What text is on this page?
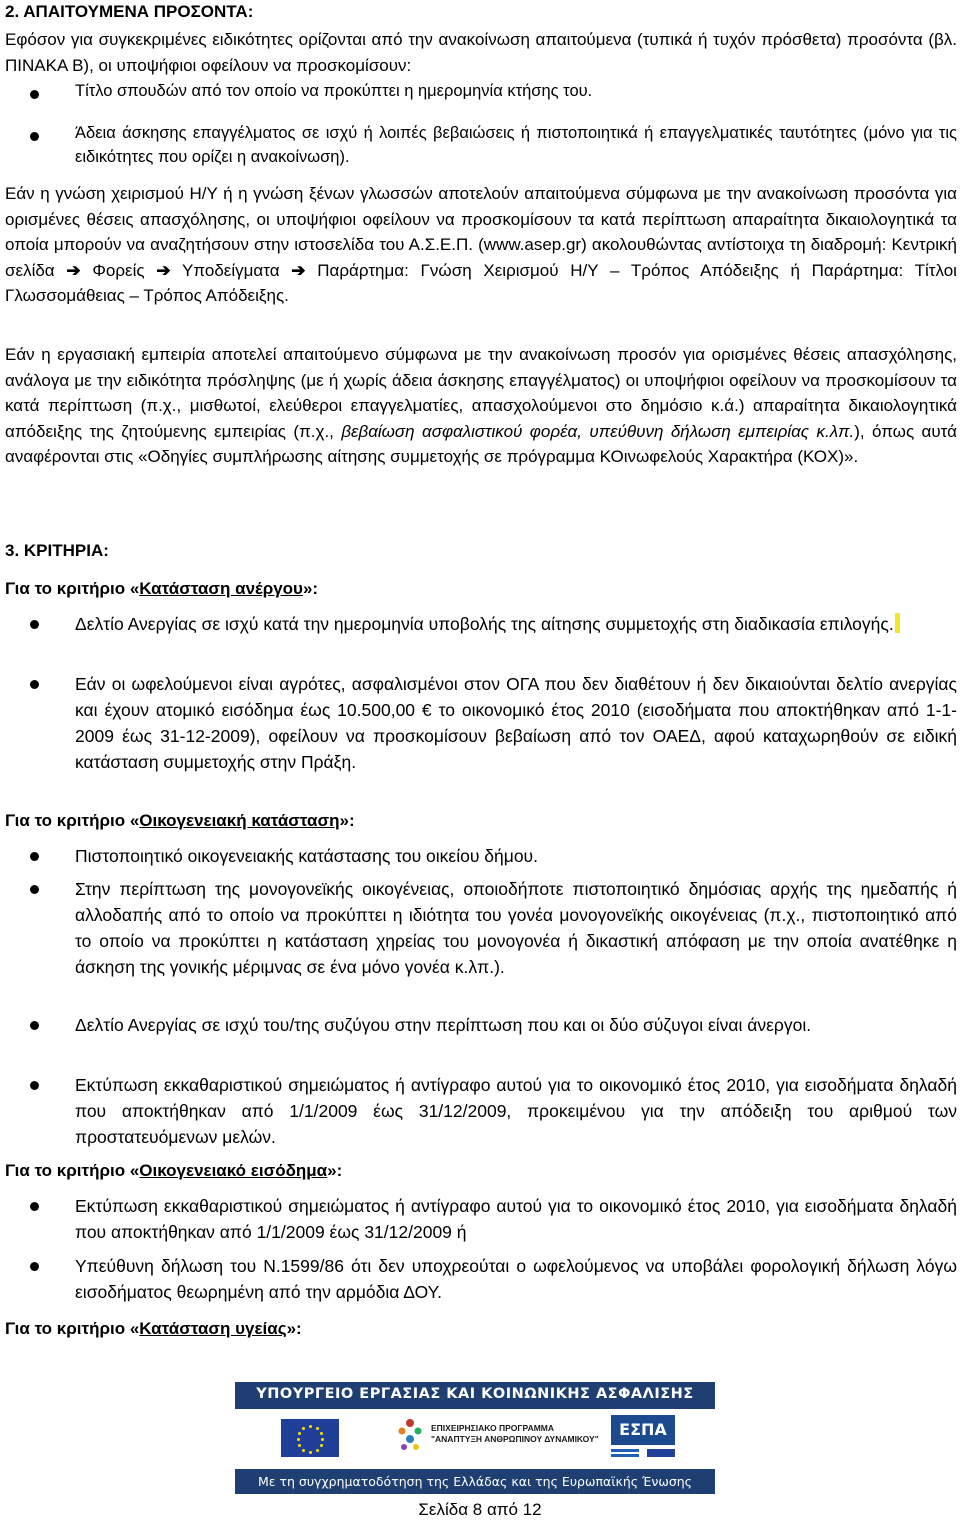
2. ΑΠΑΙΤΟΥΜΕΝΑ ΠΡΟΣΟΝΤΑ:
Εφόσον για συγκεκριμένες ειδικότητες ορίζονται από την ανακοίνωση απαιτούμενα (τυπικά ή τυχόν πρόσθετα) προσόντα (βλ. ΠΙΝΑΚΑ Β), οι υποψήφιοι οφείλουν να προσκομίσουν:
Τίτλο σπουδών από τον οποίο να προκύπτει η ημερομηνία κτήσης του.
Άδεια άσκησης επαγγέλματος σε ισχύ ή λοιπές βεβαιώσεις ή πιστοποιητικά ή επαγγελματικές ταυτότητες (μόνο για τις ειδικότητες που ορίζει η ανακοίνωση).
Εάν η γνώση χειρισμού Η/Υ ή η γνώση ξένων γλωσσών αποτελούν απαιτούμενα σύμφωνα με την ανακοίνωση προσόντα για ορισμένες θέσεις απασχόλησης, οι υποψήφιοι οφείλουν να προσκομίσουν τα κατά περίπτωση απαραίτητα δικαιολογητικά τα οποία μπορούν να αναζητήσουν στην ιστοσελίδα του Α.Σ.Ε.Π. (www.asep.gr) ακολουθώντας αντίστοιχα τη διαδρομή: Κεντρική σελίδα ➔ Φορείς ➔ Υποδείγματα ➔ Παράρτημα: Γνώση Χειρισμού Η/Υ – Τρόπος Απόδειξης ή Παράρτημα: Τίτλοι Γλωσσομάθειας – Τρόπος Απόδειξης.
Εάν η εργασιακή εμπειρία αποτελεί απαιτούμενο σύμφωνα με την ανακοίνωση προσόν για ορισμένες θέσεις απασχόλησης, ανάλογα με την ειδικότητα πρόσληψης (με ή χωρίς άδεια άσκησης επαγγέλματος) οι υποψήφιοι οφείλουν να προσκομίσουν τα κατά περίπτωση (π.χ., μισθωτοί, ελεύθεροι επαγγελματίες, απασχολούμενοι στο δημόσιο κ.ά.) απαραίτητα δικαιολογητικά απόδειξης της ζητούμενης εμπειρίας (π.χ., βεβαίωση ασφαλιστικού φορέα, υπεύθυνη δήλωση εμπειρίας κ.λπ.), όπως αυτά αναφέρονται στις «Οδηγίες συμπλήρωσης αίτησης συμμετοχής σε πρόγραμμα ΚΟινωφελούς Χαρακτήρα (ΚΟΧ)».
3. ΚΡΙΤΗΡΙΑ:
Για το κριτήριο «Κατάσταση ανέργου»:
Δελτίο Ανεργίας σε ισχύ κατά την ημερομηνία υποβολής της αίτησης συμμετοχής στη διαδικασία επιλογής.
Εάν οι ωφελούμενοι είναι αγρότες, ασφαλισμένοι στον ΟΓΑ που δεν διαθέτουν ή δεν δικαιούνται δελτίο ανεργίας και έχουν ατομικό εισόδημα έως 10.500,00 € το οικονομικό έτος 2010 (εισοδήματα που αποκτήθηκαν από 1-1-2009 έως 31-12-2009), οφείλουν να προσκομίσουν βεβαίωση από τον ΟΑΕΔ, αφού καταχωρηθούν σε ειδική κατάσταση συμμετοχής στην Πράξη.
Για το κριτήριο «Οικογενειακή κατάσταση»:
Πιστοποιητικό οικογενειακής κατάστασης του οικείου δήμου.
Στην περίπτωση της μονογονεϊκής οικογένειας, οποιοδήποτε πιστοποιητικό δημόσιας αρχής της ημεδαπής ή αλλοδαπής από το οποίο να προκύπτει η ιδιότητα του γονέα μονογονεϊκής οικογένειας (π.χ., πιστοποιητικό από το οποίο να προκύπτει η κατάσταση χηρείας του μονογονέα ή δικαστική απόφαση με την οποία ανατέθηκε η άσκηση της γονικής μέριμνας σε ένα μόνο γονέα κ.λπ.).
Δελτίο Ανεργίας σε ισχύ του/της συζύγου στην περίπτωση που και οι δύο σύζυγοι είναι άνεργοι.
Εκτύπωση εκκαθαριστικού σημειώματος ή αντίγραφο αυτού για το οικονομικό έτος 2010, για εισοδήματα δηλαδή που αποκτήθηκαν από 1/1/2009 έως 31/12/2009, προκειμένου για την απόδειξη του αριθμού των προστατευόμενων μελών.
Για το κριτήριο «Οικογενειακό εισόδημα»:
Εκτύπωση εκκαθαριστικού σημειώματος ή αντίγραφο αυτού για το οικονομικό έτος 2010, για εισοδήματα δηλαδή που αποκτήθηκαν από 1/1/2009 έως 31/12/2009 ή
Υπεύθυνη δήλωση του Ν.1599/86 ότι δεν υποχρεούται ο ωφελούμενος να υποβάλει φορολογική δήλωση λόγω εισοδήματος θεωρημένη από την αρμόδια ΔΟΥ.
Για το κριτήριο «Κατάσταση υγείας»:
ΥΠΟΥΡΓΕΙΟ ΕΡΓΑΣΙΑΣ ΚΑΙ ΚΟΙΝΩΝΙΚΗΣ ΑΣΦΑΛΙΣΗΣ
ΕΠΙΧΕΙΡΗΣΙΑΚΟ ΠΡΟΓΡΑΜΜΑ
"ΑΝΑΠΤΥΞΗ ΑΝΘΡΩΠΙΝΟΥ ΔΥΝΑΜΙΚΟΥ"	ΕΣΠΑ
Με τη συγχρηματοδότηση της Ελλάδας και της Ευρωπαϊκής Ένωσης
Σελίδα 8 από 12
